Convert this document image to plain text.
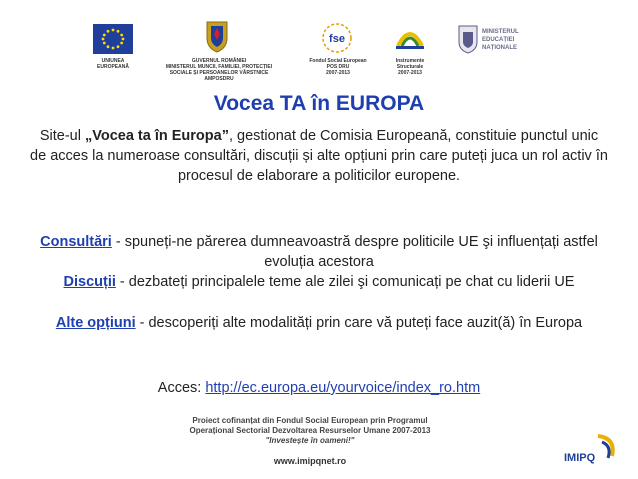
UNIUNEA
EUROPEANĂ
GUVERNUL ROMÂNIEI
MINISTERUL MUNCII, FAMILIEI, PROTECȚIEI
SOCIALE ȘI PERSOANELOR VÂRSTNICE
AMPOSDRU
fse
Fondul Social European
POS DRU
2007-2013
Instrumente
Structurale
2007-2013
MINISTERUL
EDUCAȚIEI
NAȚIONALE
Vocea TA în EUROPA
Site-ul „Vocea ta în Europa”, gestionat de Comisia Europeană, constituie punctul unic de acces la numeroase consultări, discuții și alte opțiuni prin care puteți juca un rol activ în procesul de elaborare a politicilor europene.
Consultări - spuneți-ne părerea dumneavoastră despre politicile UE şi influențați astfel evoluția acestora
Discuții - dezbateți principalele teme ale zilei şi comunicați pe chat cu liderii UE
Alte opțiuni - descoperiți alte modalități prin care vă puteți face auzit(ă) în Europa
Acces: http://ec.europa.eu/yourvoice/index_ro.htm
Proiect cofinanțat din Fondul Social European prin Programul
Operațional Sectorial Dezvoltarea Resurselor Umane 2007-2013
"Investește în oameni!"
www.imipqnet.ro	IMIPQ
